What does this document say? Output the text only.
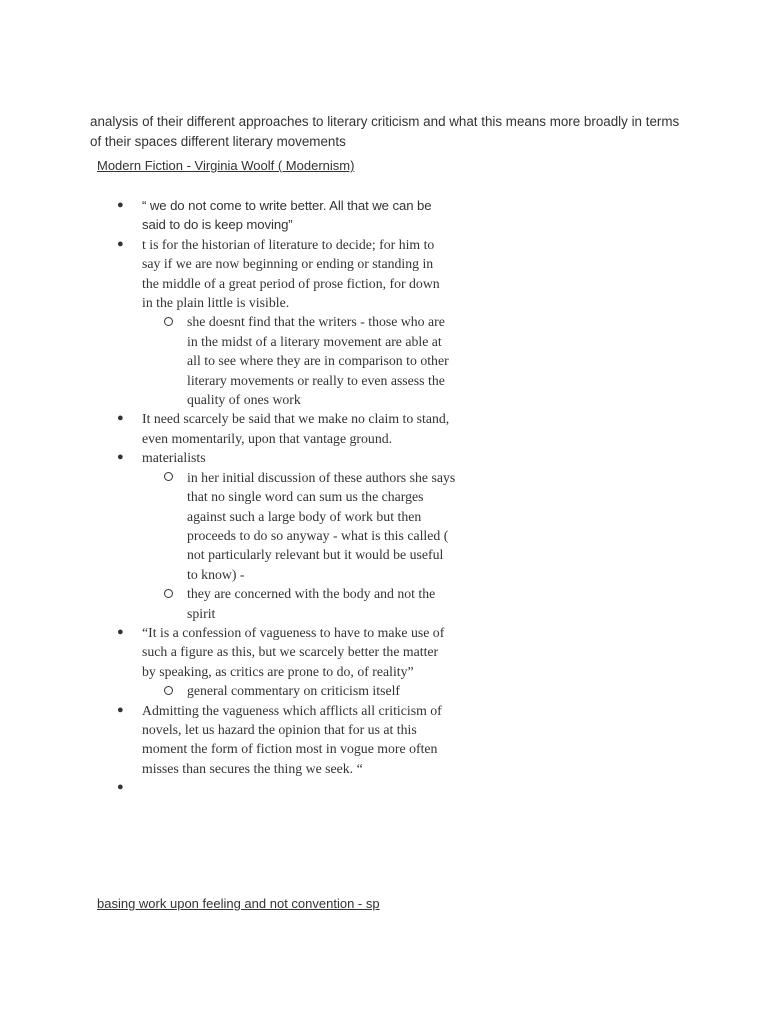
analysis of their different approaches to literary criticism and what this means more broadly in terms of their spaces different literary movements

Modern Fiction - Virginia Woolf ( Modernism)

● “ we do not come to write better. All that we can be said to do is keep moving”
● t is for the historian of literature to decide; for him to say if we are now beginning or ending or standing in the middle of a great period of prose fiction, for down in the plain little is visible.
she doesnt find that the writers - those who are in the midst of a literary movement are able at all to see where they are in comparison to other literary movements or really to even assess the quality of ones work
● It need scarcely be said that we make no claim to stand, even momentarily, upon that vantage ground.
● materialists
in her initial discussion of these authors she says that no single word can sum us the charges against such a large body of work but then proceeds to do so anyway - what is this called ( not particularly relevant but it would be useful to know) -
they are concerned with the body and not the spirit
● “It is a confession of vagueness to have to make use of such a figure as this, but we scarcely better the matter by speaking, as critics are prone to do, of reality”
general commentary on criticism itself
● Admitting the vagueness which afflicts all criticism of novels, let us hazard the opinion that for us at this moment the form of fiction most in vogue more often misses than secures the thing we seek. “
●

basing work upon feeling and not convention - sp
